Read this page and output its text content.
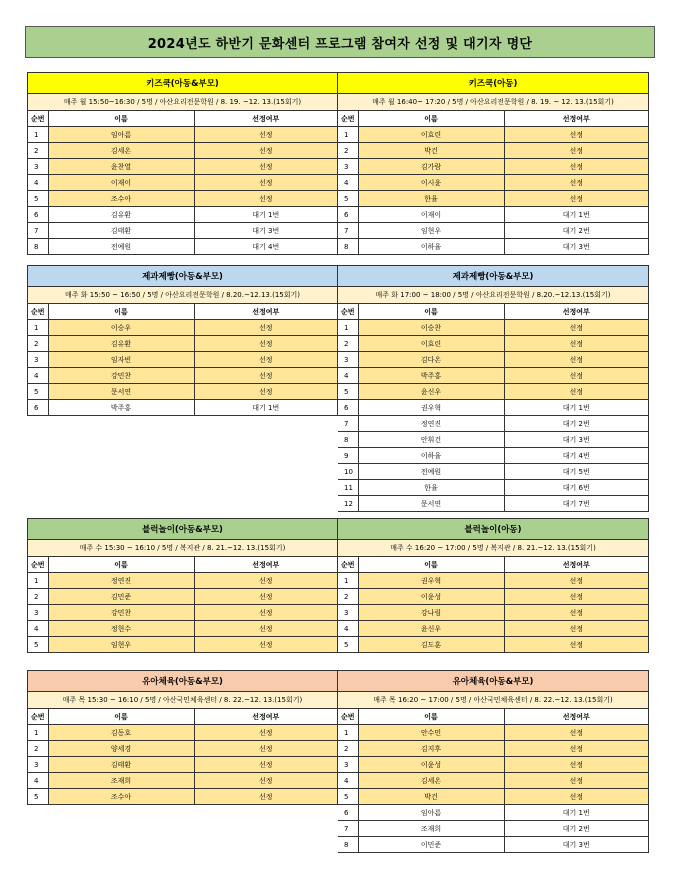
2024년도 하반기 문화센터 프로그램 참여자 선정 및 대기자 명단
키즈쿡(아동&부모)
매주 월 15:50~16:30 / 5명 / 아산요리전문학원 / 8. 19. ~12. 13.(15회기)
순번	이름	선정여부
1	임아름	선정
2	김세온	선정
3	윤찬열	선정
4	이재이	선정
5	조수아	선정
6	김유환	대기 1번
7	김태환	대기 3번
8	전예원	대기 4번
키즈쿡(아동)
매주 월 16:40~ 17:20 / 5명 / 아산요리전문학원 / 8. 19. ~ 12. 13.(15회기)
순번	이름	선정여부
1	이효린	선정
2	박건	선정
3	김가람	선정
4	이시윤	선정
5	한율	선정
6	이재이	대기 1번
7	임현우	대기 2번
8	이하율	대기 3번
제과제빵(아동&부모)
매주 화 15:50 ~ 16:50 / 5명 / 아산요리전문학원 / 8.20.~12.13.(15회기)
순번	이름	선정여부
1	이승우	선정
2	김유환	선정
3	임자빈	선정
4	강민찬	선정
5	문서연	선정
6	박주홍	대기 1번
제과제빵(아동&부모)
매주 화 17:00 ~ 18:00 / 5명 / 아산요리전문학원 / 8.20.~12.13.(15회기)
순번	이름	선정여부
1	이승찬	선정
2	이효린	선정
3	김다온	선정
4	박주홍	선정
5	윤신우	선정
6	권우혁	대기 1번
7	정연진	대기 2번
8	안휘건	대기 3번
9	이하율	대기 4번
10	전예원	대기 5번
11	한율	대기 6번
12	문서연	대기 7번
블럭놀이(아동&부모)
매주 수 15:30 ~ 16:10 / 5명 / 복지관 / 8. 21.~12. 13.(15회기)
순번	이름	선정여부
1	정연진	선정
2	김민준	선정
3	강민찬	선정
4	정현수	선정
5	임현우	선정
블럭놀이(아동)
매주 수 16:20 ~ 17:00 / 5명 / 복지관 / 8. 21.~12. 13.(15회기)
순번	이름	선정여부
1	권우혁	선정
2	이윤성	선정
3	강나림	선정
4	윤신우	선정
5	김도훈	선정
유아체육(아동&부모)
매주 목 15:30 ~ 16:10 / 5명 / 아산국민체육센터 / 8. 22.~12. 13.(15회기)
순번	이름	선정여부
1	김동호	선정
2	양세경	선정
3	김태환	선정
4	조재희	선정
5	조수아	선정
유아체육(아동&부모)
매주 목 16:20 ~ 17:00 / 5명 / 아산국민체육센터 / 8. 22.~12. 13.(15회기)
순번	이름	선정여부
1	안수민	선정
2	김지후	선정
3	이윤성	선정
4	김세온	선정
5	박건	선정
6	임아름	대기 1번
7	조재희	대기 2번
8	이민준	대기 3번
